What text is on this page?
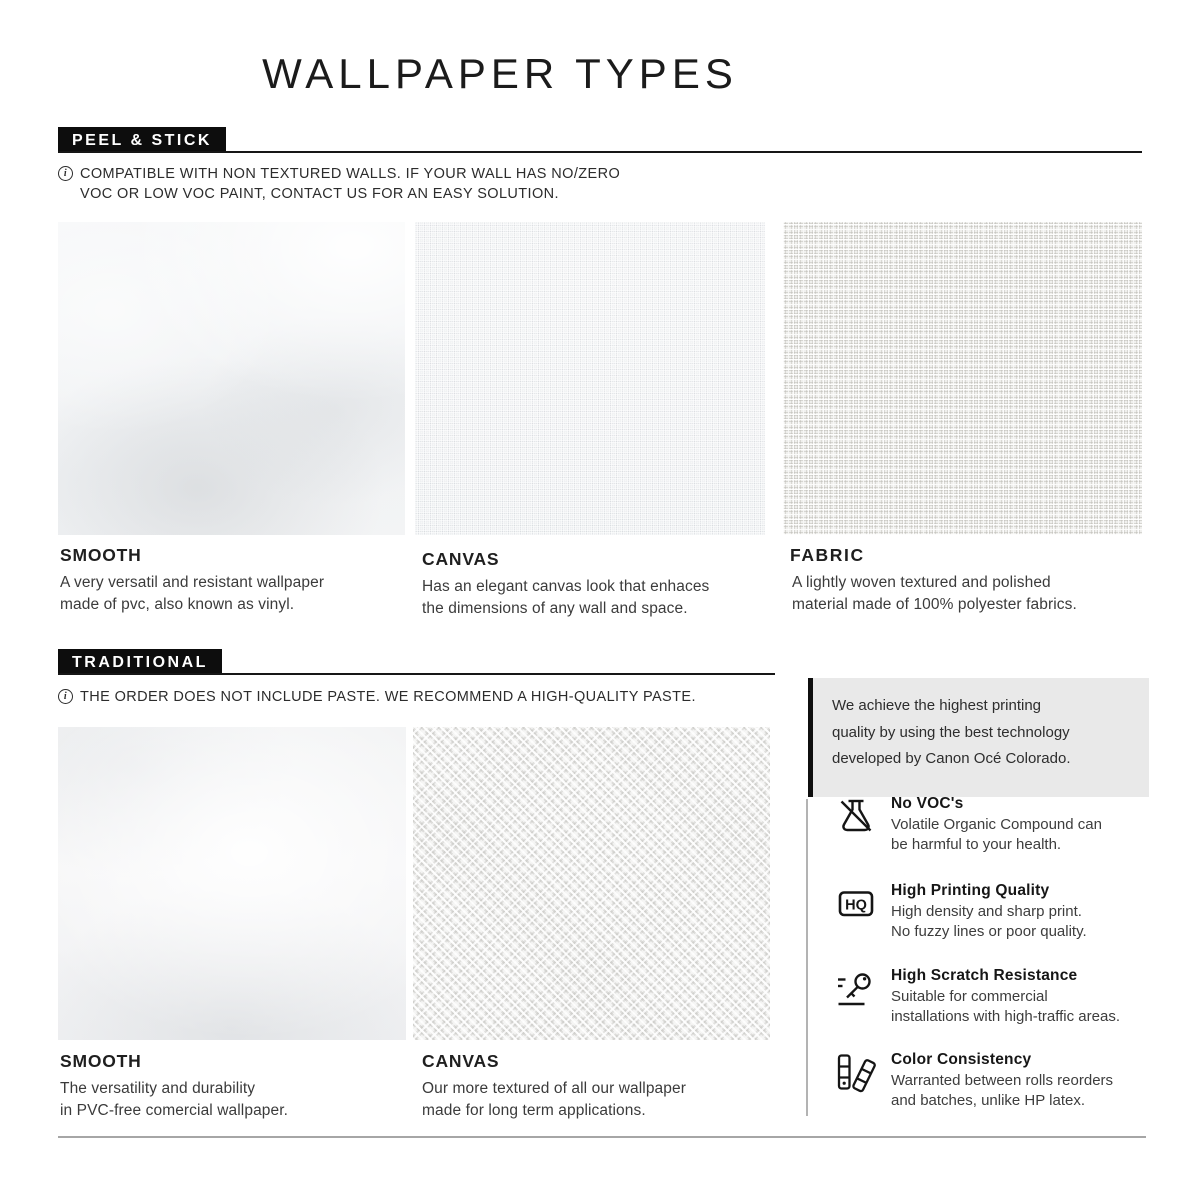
WALLPAPER TYPES
PEEL & STICK
i
COMPATIBLE WITH NON TEXTURED WALLS. IF YOUR WALL HAS NO/ZERO
VOC OR LOW VOC PAINT, CONTACT US FOR AN EASY SOLUTION.
SMOOTH
A very versatil and resistant wallpaper
made of pvc, also known as vinyl.
CANVAS
Has an elegant canvas look that enhaces
the dimensions of any wall and space.
FABRIC
A lightly woven textured and polished
material made of 100% polyester fabrics.
TRADITIONAL
i
THE ORDER DOES NOT INCLUDE PASTE. WE RECOMMEND A HIGH-QUALITY PASTE.
SMOOTH
The versatility and durability
in PVC-free comercial wallpaper.
CANVAS
Our more textured of all our wallpaper
made for long term applications.
We achieve the highest printing
quality by using the best technology
developed by Canon Océ Colorado.
No VOC's
Volatile Organic Compound can
be harmful to your health.
HQ
High Printing Quality
High density and sharp print.
No fuzzy lines or poor quality.
High Scratch Resistance
Suitable for commercial
installations with high-traffic areas.
Color Consistency
Warranted between rolls reorders
and batches, unlike HP latex.
